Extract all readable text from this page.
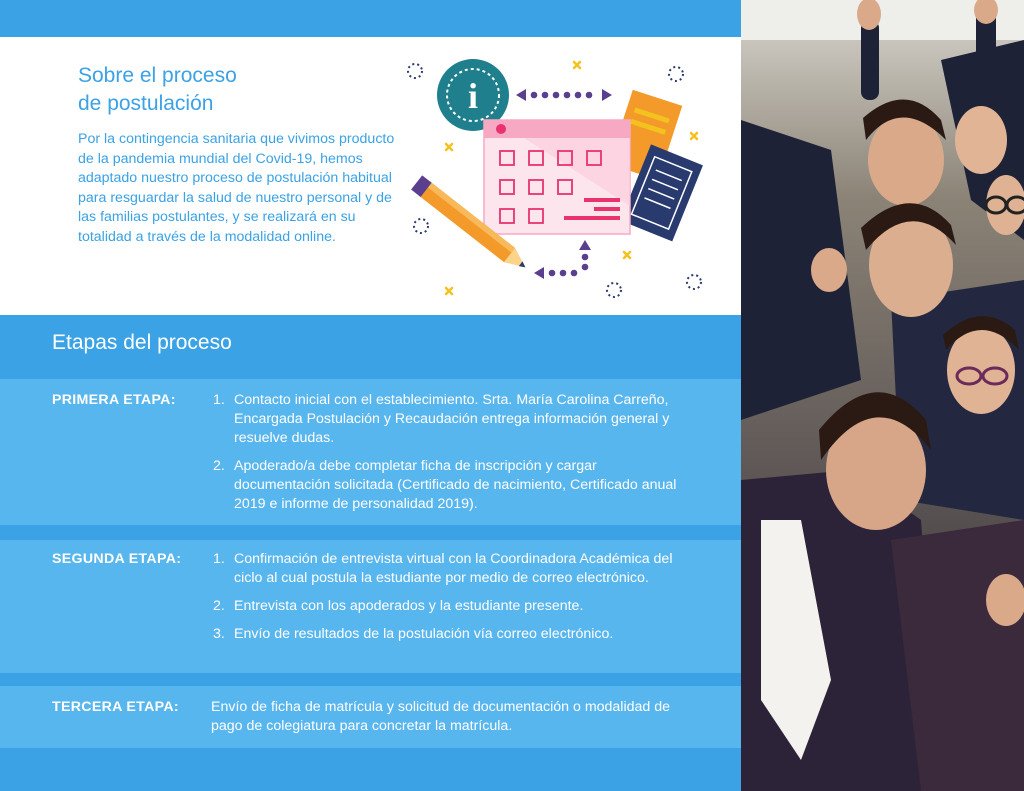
Sobre el proceso
de postulación

Por la contingencia sanitaria que vivimos producto de la pandemia mundial del Covid-19, hemos adaptado nuestro proceso de postulación habitual para resguardar la salud de nuestro personal y de las familias postulantes, y se realizará en su totalidad a través de la modalidad online.

i
Etapas del proceso
PRIMERA ETAPA:	1. Contacto inicial con el establecimiento. Srta. María Carolina Carreño, Encargada Postulación y Recaudación entrega información general y resuelve dudas.
2. Apoderado/a debe completar ficha de inscripción y cargar documentación solicitada (Certificado de nacimiento, Certificado anual 2019 e informe de personalidad 2019).
SEGUNDA ETAPA: 1. Confirmación de entrevista virtual con la Coordinadora Académica del ciclo al cual postula la estudiante por medio de correo electrónico.
2. Entrevista con los apoderados y la estudiante presente.
3. Envío de resultados de la postulación vía correo electrónico.
TERCERA ETAPA: Envío de ficha de matrícula y solicitud de documentación o modalidad de pago de colegiatura para concretar la matrícula.
